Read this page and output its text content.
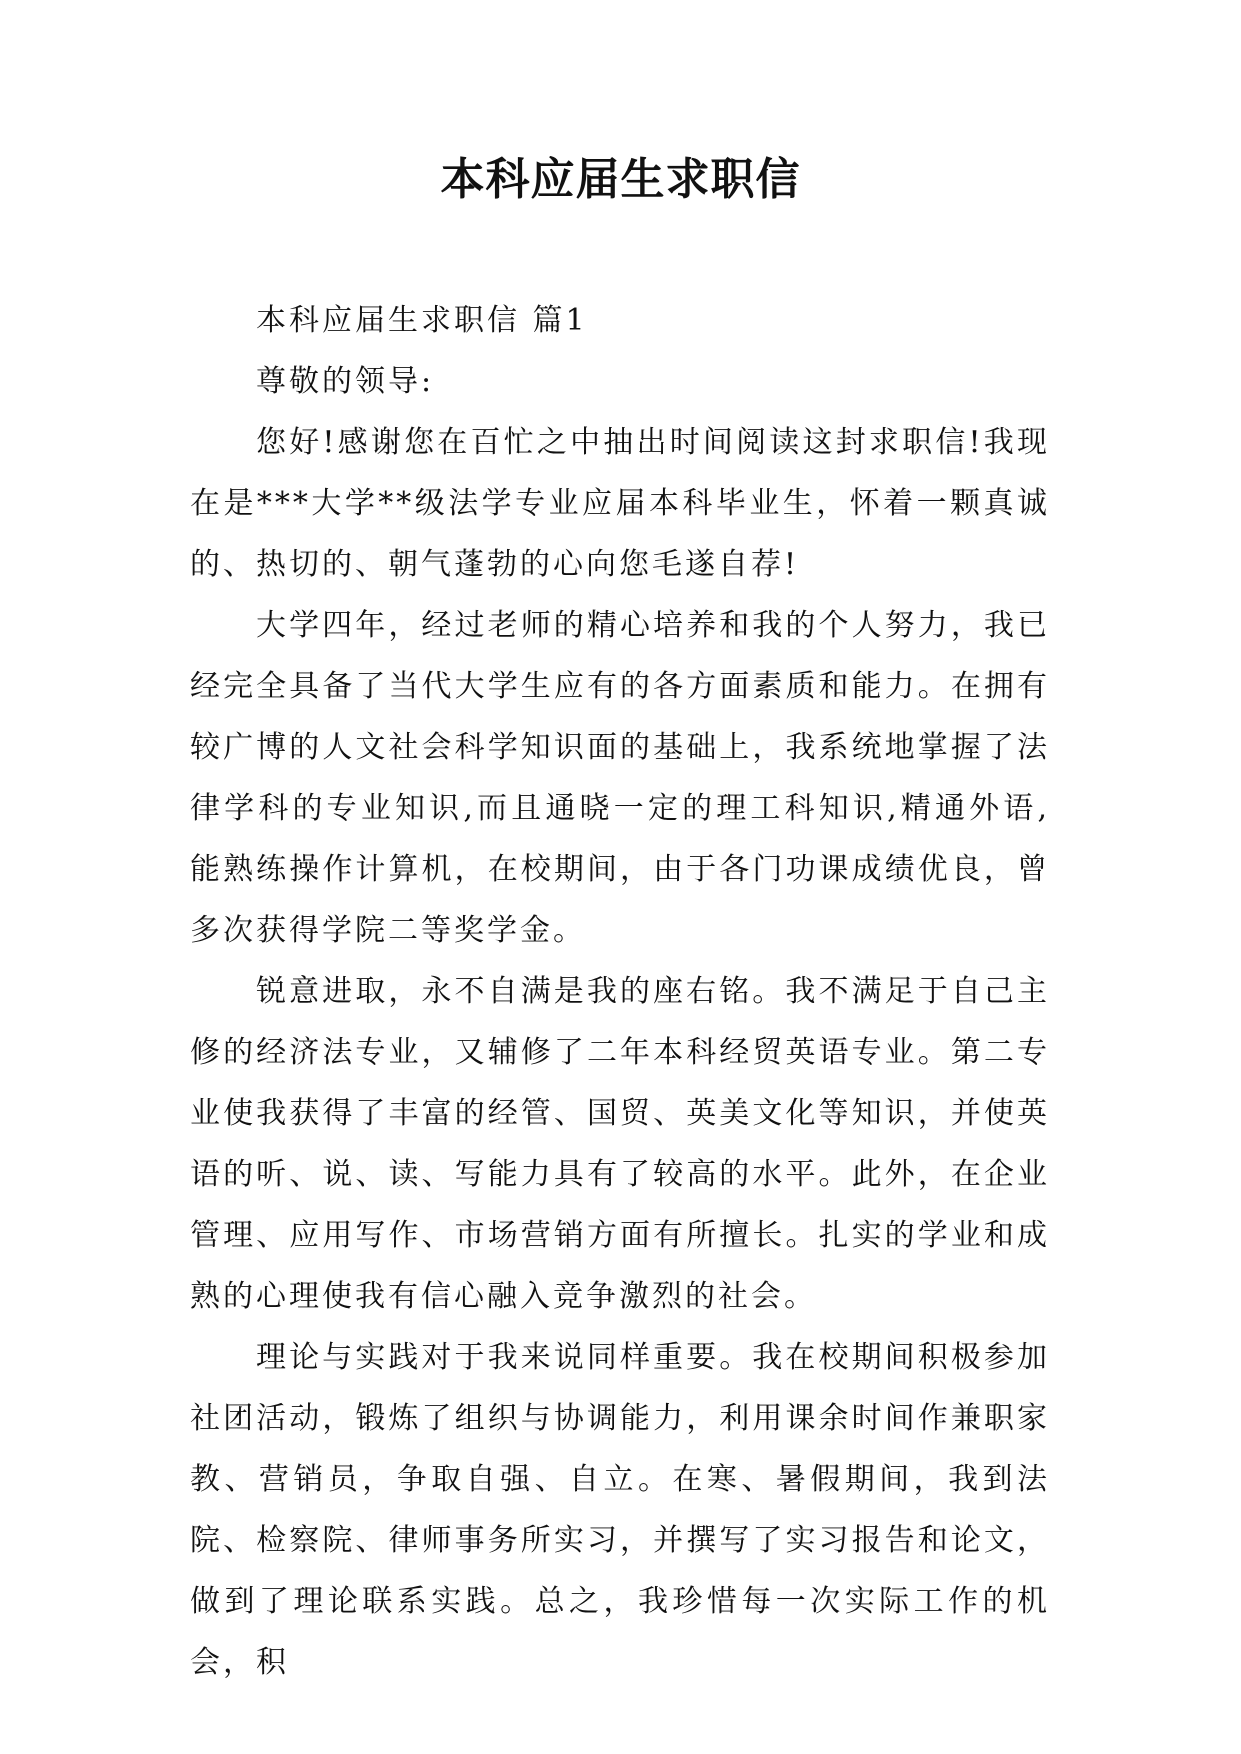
本科应届生求职信

本科应届生求职信 篇1

尊敬的领导:

您好!感谢您在百忙之中抽出时间阅读这封求职信!我现在是***大学**级法学专业应届本科毕业生，怀着一颗真诚的、热切的、朝气蓬勃的心向您毛遂自荐!

大学四年，经过老师的精心培养和我的个人努力，我已经完全具备了当代大学生应有的各方面素质和能力。在拥有较广博的人文社会科学知识面的基础上，我系统地掌握了法律学科的专业知识,而且通晓一定的理工科知识,精通外语,能熟练操作计算机，在校期间，由于各门功课成绩优良，曾多次获得学院二等奖学金。

锐意进取，永不自满是我的座右铭。我不满足于自己主修的经济法专业，又辅修了二年本科经贸英语专业。第二专业使我获得了丰富的经管、国贸、英美文化等知识，并使英语的听、说、读、写能力具有了较高的水平。此外，在企业管理、应用写作、市场营销方面有所擅长。扎实的学业和成熟的心理使我有信心融入竞争激烈的社会。

理论与实践对于我来说同样重要。我在校期间积极参加社团活动，锻炼了组织与协调能力，利用课余时间作兼职家教、营销员，争取自强、自立。在寒、暑假期间，我到法院、检察院、律师事务所实习，并撰写了实习报告和论文，做到了理论联系实践。总之，我珍惜每一次实际工作的机会，积
